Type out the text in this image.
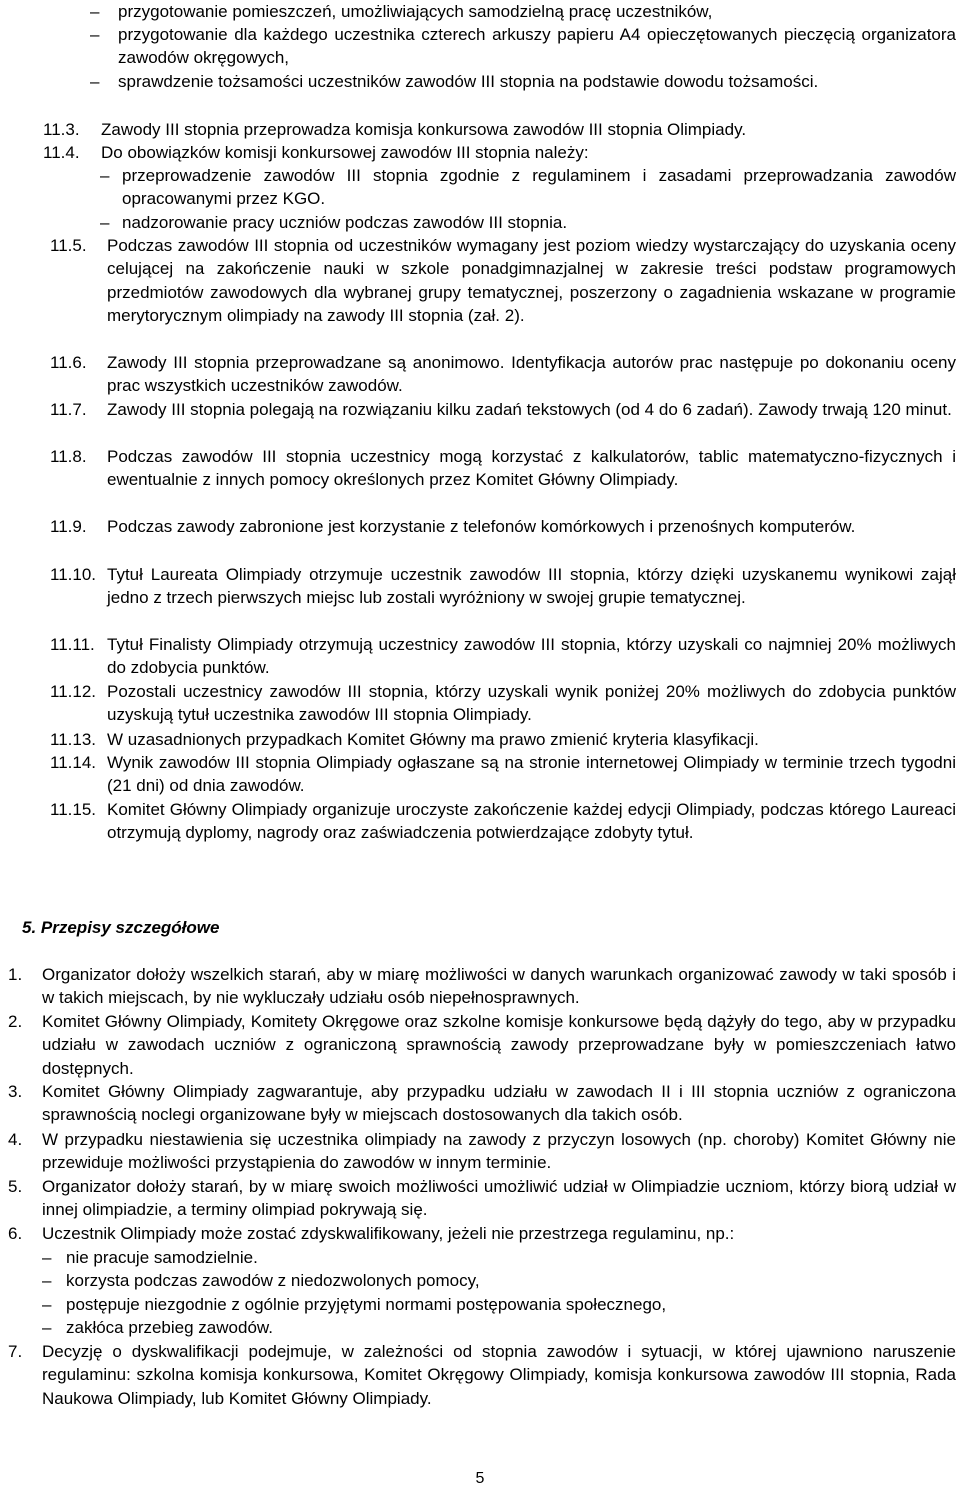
– przygotowanie pomieszczeń, umożliwiających samodzielną pracę uczestników,
– przygotowanie dla każdego uczestnika czterech arkuszy papieru A4 opieczętowanych pieczęcią organizatora zawodów okręgowych,
– sprawdzenie tożsamości uczestników zawodów III stopnia na podstawie dowodu tożsamości.
11.3. Zawody III stopnia przeprowadza komisja konkursowa zawodów III stopnia Olimpiady.
11.4. Do obowiązków komisji konkursowej zawodów III stopnia należy:
– przeprowadzenie zawodów III stopnia zgodnie z regulaminem i zasadami przeprowadzania zawodów opracowanymi przez KGO.
– nadzorowanie pracy uczniów podczas zawodów III stopnia.
11.5. Podczas zawodów III stopnia od uczestników wymagany jest poziom wiedzy wystarczający do uzyskania oceny celującej na zakończenie nauki w szkole ponadgimnazjalnej w zakresie treści podstaw programowych przedmiotów zawodowych dla wybranej grupy tematycznej, poszerzony o zagadnienia wskazane w programie merytorycznym olimpiady na zawody III stopnia (zał. 2).
11.6. Zawody III stopnia przeprowadzane są anonimowo. Identyfikacja autorów prac następuje po dokonaniu oceny prac wszystkich uczestników zawodów.
11.7. Zawody III stopnia polegają na rozwiązaniu kilku zadań tekstowych (od 4 do 6 zadań). Zawody trwają 120 minut.
11.8. Podczas zawodów III stopnia uczestnicy mogą korzystać z kalkulatorów, tablic matematyczno-fizycznych i ewentualnie z innych pomocy określonych przez Komitet Główny Olimpiady.
11.9. Podczas zawody zabronione jest korzystanie z telefonów komórkowych i przenośnych komputerów.
11.10. Tytuł Laureata Olimpiady otrzymuje uczestnik zawodów III stopnia, którzy dzięki uzyskanemu wynikowi zajął jedno z trzech pierwszych miejsc lub zostali wyróżniony w swojej grupie tematycznej.
11.11. Tytuł Finalisty Olimpiady otrzymują uczestnicy zawodów III stopnia, którzy uzyskali co najmniej 20% możliwych do zdobycia punktów.
11.12. Pozostali uczestnicy zawodów III stopnia, którzy uzyskali wynik poniżej 20% możliwych do zdobycia punktów uzyskują tytuł uczestnika zawodów III stopnia Olimpiady.
11.13. W uzasadnionych przypadkach Komitet Główny ma prawo zmienić kryteria klasyfikacji.
11.14. Wynik zawodów III stopnia Olimpiady ogłaszane są na stronie internetowej Olimpiady w terminie trzech tygodni (21 dni) od dnia zawodów.
11.15. Komitet Główny Olimpiady organizuje uroczyste zakończenie każdej edycji Olimpiady, podczas którego Laureaci otrzymują dyplomy, nagrody oraz zaświadczenia potwierdzające zdobyty tytuł.
5. Przepisy szczegółowe
1. Organizator dołoży wszelkich starań, aby w miarę możliwości w danych warunkach organizować zawody w taki sposób i w takich miejscach, by nie wykluczały udziału osób niepełnosprawnych.
2. Komitet Główny Olimpiady, Komitety Okręgowe oraz szkolne komisje konkursowe będą dążyły do tego, aby w przypadku udziału w zawodach uczniów z ograniczoną sprawnością zawody przeprowadzane były w pomieszczeniach łatwo dostępnych.
3. Komitet Główny Olimpiady zagwarantuje, aby przypadku udziału w zawodach II i III stopnia uczniów z ograniczona sprawnością noclegi organizowane były w miejscach dostosowanych dla takich osób.
4. W przypadku niestawienia się uczestnika olimpiady na zawody z przyczyn losowych (np. choroby) Komitet Główny nie przewiduje możliwości przystąpienia do zawodów w innym terminie.
5. Organizator dołoży starań, by w miarę swoich możliwości umożliwić udział w Olimpiadzie uczniom, którzy biorą udział w innej olimpiadzie, a terminy olimpiad pokrywają się.
6. Uczestnik Olimpiady może zostać zdyskwalifikowany, jeżeli nie przestrzega regulaminu, np.:
– nie pracuje samodzielnie.
– korzysta podczas zawodów z niedozwolonych pomocy,
– postępuje niezgodnie z ogólnie przyjętymi normami postępowania społecznego,
– zakłóca przebieg zawodów.
7. Decyzję o dyskwalifikacji podejmuje, w zależności od stopnia zawodów i sytuacji, w której ujawniono naruszenie regulaminu: szkolna komisja konkursowa, Komitet Okręgowy Olimpiady, komisja konkursowa zawodów III stopnia, Rada Naukowa Olimpiady, lub Komitet Główny Olimpiady.
5
